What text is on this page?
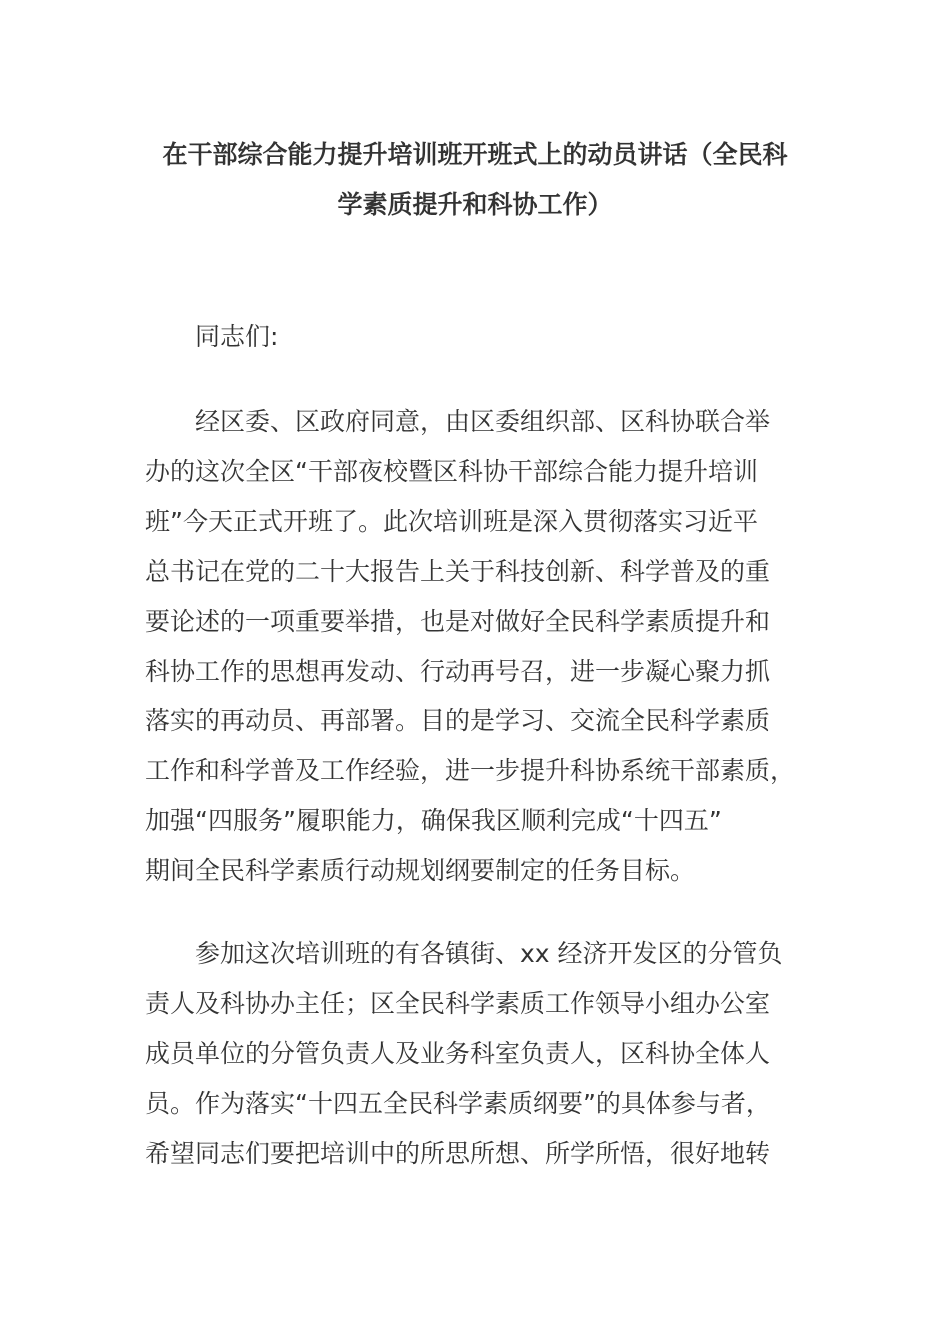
在干部综合能力提升培训班开班式上的动员讲话（全民科
学素质提升和科协工作）

同志们:

经区委、区政府同意，由区委组织部、区科协联合举
办的这次全区“干部夜校暨区科协干部综合能力提升培训
班”今天正式开班了。此次培训班是深入贯彻落实习近平
总书记在党的二十大报告上关于科技创新、科学普及的重
要论述的一项重要举措，也是对做好全民科学素质提升和
科协工作的思想再发动、行动再号召，进一步凝心聚力抓
落实的再动员、再部署。目的是学习、交流全民科学素质
工作和科学普及工作经验，进一步提升科协系统干部素质，
加强“四服务”履职能力，确保我区顺利完成“十四五”
期间全民科学素质行动规划纲要制定的任务目标。

参加这次培训班的有各镇街、xx 经济开发区的分管负
责人及科协办主任；区全民科学素质工作领导小组办公室
成员单位的分管负责人及业务科室负责人，区科协全体人
员。作为落实“十四五全民科学素质纲要”的具体参与者，
希望同志们要把培训中的所思所想、所学所悟，很好地转
